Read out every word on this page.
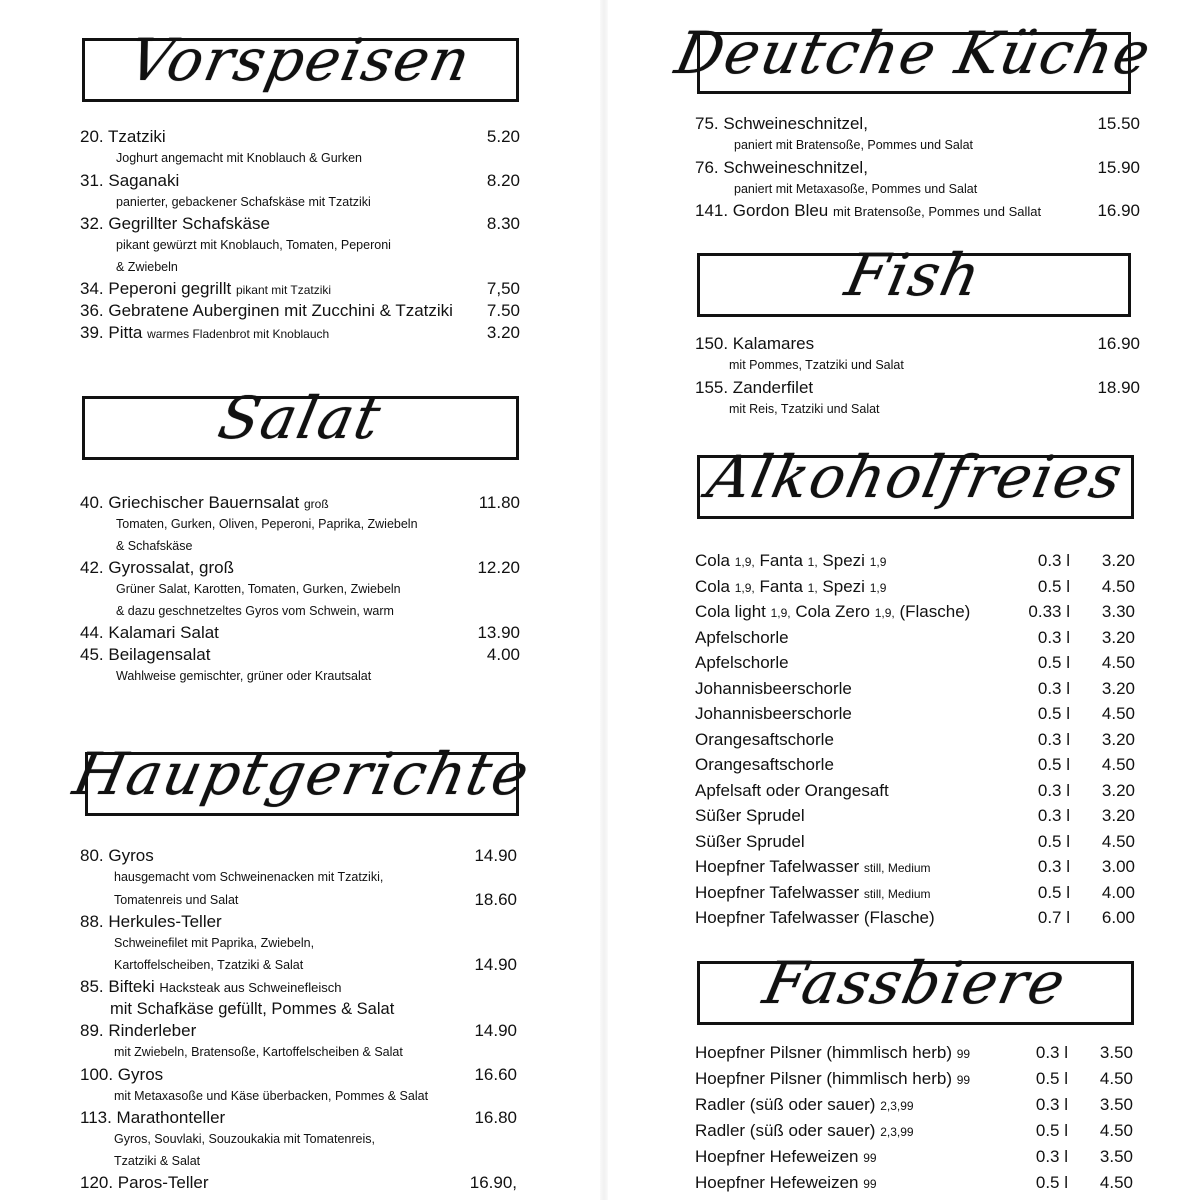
Vorspeisen
20. Tzatziki	5.20
Joghurt angemacht mit Knoblauch & Gurken
31. Saganaki	8.20
panierter, gebackener Schafskäse mit Tzatziki
32. Gegrillter Schafskäse	8.30
pikant gewürzt mit Knoblauch, Tomaten, Peperoni
& Zwiebeln
34. Peperoni gegrillt pikant mit Tzatziki	7,50
36. Gebratene Auberginen mit Zucchini & Tzatziki 7.50
39. Pitta warmes Fladenbrot mit Knoblauch	3.20
Salat
40. Griechischer Bauernsalat groß	11.80
Tomaten, Gurken, Oliven, Peperoni, Paprika, Zwiebeln
& Schafskäse
42. Gyrossalat, groß	12.20
Grüner Salat, Karotten, Tomaten, Gurken, Zwiebeln
& dazu geschnetzeltes Gyros vom Schwein, warm
44. Kalamari Salat	13.90
45. Beilagensalat	4.00
Wahlweise gemischter, grüner oder Krautsalat
Hauptgerichte
80. Gyros	14.90
hausgemacht vom Schweinenacken mit Tzatziki,
Tomatenreis und Salat	18.60
88. Herkules-Teller
Schweinefilet mit Paprika, Zwiebeln,
Kartoffelscheiben, Tzatziki & Salat	14.90
85. Bifteki Hacksteak aus Schweinefleisch
mit Schafkäse gefüllt, Pommes & Salat
89. Rinderleber	14.90
mit Zwiebeln, Bratensoße, Kartoffelscheiben & Salat
100. Gyros	16.60
mit Metaxasoße und Käse überbacken, Pommes & Salat
113. Marathonteller	16.80
Gyros, Souvlaki, Souzoukakia mit Tomatenreis,
Tzatziki & Salat
120. Paros-Teller	16.90,
Deutche Küche
75. Schweineschnitzel,	15.50
paniert mit Bratensoße, Pommes und Salat
76. Schweineschnitzel,	15.90
paniert mit Metaxasoße, Pommes und Salat
141. Gordon Bleu mit Bratensoße, Pommes und Sallat	16.90
Fish
150. Kalamares	16.90
mit Pommes, Tzatziki und Salat
155. Zanderfilet	18.90
mit Reis, Tzatziki und Salat
Alkoholfreies
Cola 1,9, Fanta 1, Spezi 1,9	0.3 l 3.20
Cola 1,9, Fanta 1, Spezi 1,9	0.5 l 4.50
Cola light 1,9, Cola Zero 1,9, (Flasche)	0.33 l 3.30
Apfelschorle	0.3 l 3.20
Apfelschorle	0.5 l 4.50
Johannisbeerschorle	0.3 l 3.20
Johannisbeerschorle	0.5 l 4.50
Orangesaftschorle	0.3 l 3.20
Orangesaftschorle	0.5 l 4.50
Apfelsaft oder Orangesaft	0.3 l 3.20
Süßer Sprudel	0.3 l 3.20
Süßer Sprudel	0.5 l 4.50
Hoepfner Tafelwasser still, Medium	0.3 l 3.00
Hoepfner Tafelwasser still, Medium	0.5 l 4.00
Hoepfner Tafelwasser (Flasche)	0.7 l 6.00
Fassbiere
Hoepfner Pilsner (himmlisch herb) 99	0.3 l 3.50
Hoepfner Pilsner (himmlisch herb) 99	0.5 l 4.50
Radler (süß oder sauer) 2,3,99	0.3 l 3.50
Radler (süß oder sauer) 2,3,99	0.5 l 4.50
Hoepfner Hefeweizen 99	0.3 l 3.50
Hoepfner Hefeweizen 99	0.5 l 4.50
